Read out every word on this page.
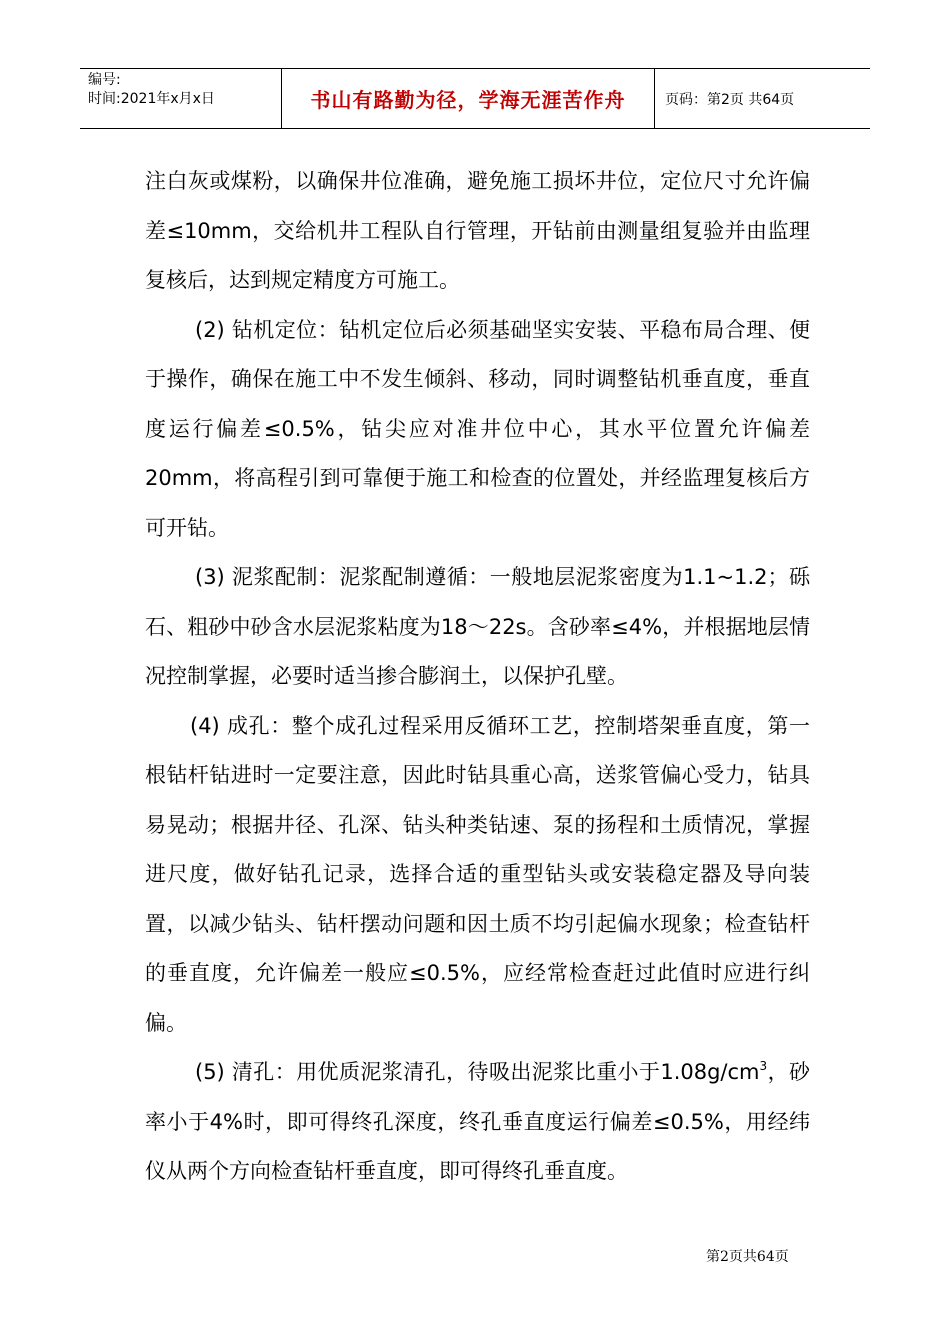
编号:
时间:2021年x月x日	书山有路勤为径，学海无涯苦作舟	页码：第2页 共64页

注白灰或煤粉，以确保井位准确，避免施工损坏井位，定位尺寸允许偏差≤10mm，交给机井工程队自行管理，开钻前由测量组复验并由监理复核后，达到规定精度方可施工。

(2) 钻机定位：钻机定位后必须基础坚实安装、平稳布局合理、便于操作，确保在施工中不发生倾斜、移动，同时调整钻机垂直度，垂直度运行偏差≤0.5%，钻尖应对准井位中心，其水平位置允许偏差20mm，将高程引到可靠便于施工和检查的位置处，并经监理复核后方可开钻。

(3) 泥浆配制：泥浆配制遵循：一般地层泥浆密度为1.1~1.2；砾石、粗砂中砂含水层泥浆粘度为18～22s。含砂率≤4%，并根据地层情况控制掌握，必要时适当掺合膨润土，以保护孔壁。

(4) 成孔：整个成孔过程采用反循环工艺，控制塔架垂直度，第一根钻杆钻进时一定要注意，因此时钻具重心高，送浆管偏心受力，钻具易晃动；根据井径、孔深、钻头种类钻速、泵的扬程和土质情况，掌握进尺度，做好钻孔记录，选择合适的重型钻头或安装稳定器及导向装置，以减少钻头、钻杆摆动问题和因土质不均引起偏水现象；检查钻杆的垂直度，允许偏差一般应≤0.5%，应经常检查赶过此值时应进行纠偏。

(5) 清孔：用优质泥浆清孔，待吸出泥浆比重小于$1.08g/cm^3$，砂率小于4%时，即可得终孔深度，终孔垂直度运行偏差≤0.5%，用经纬仪从两个方向检查钻杆垂直度，即可得终孔垂直度。

第2页共64页
